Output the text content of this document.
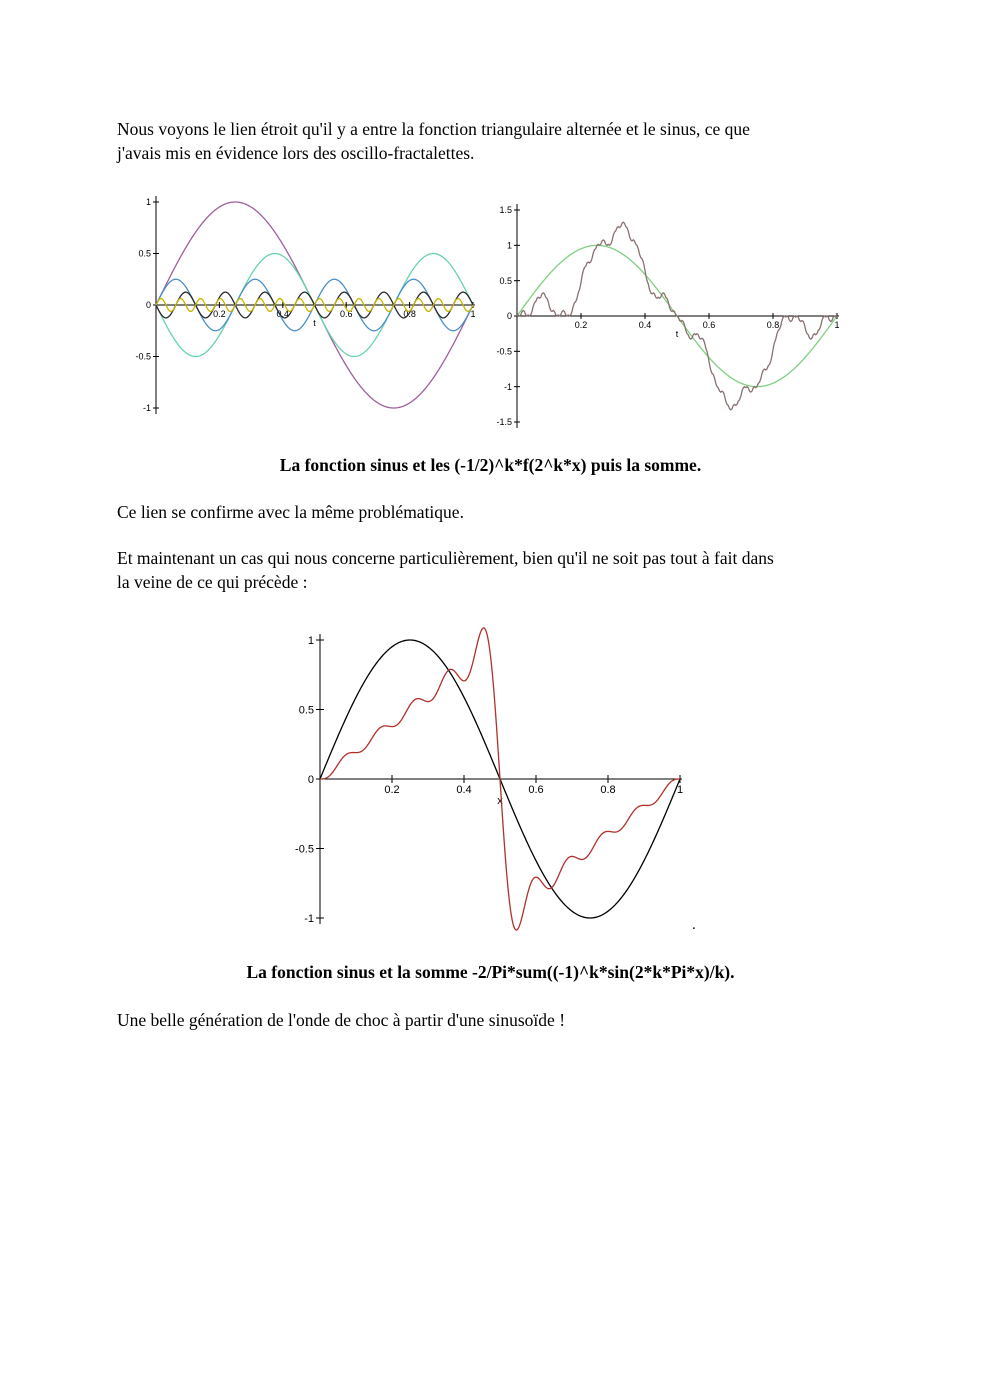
Nous voyons le lien étroit qu'il y a entre la fonction triangulaire alternée et le sinus, ce que
j'avais mis en évidence lors des oscillo-fractalettes.

1
0.5
0
-0.5
-1
0.2	0.4	0.6	0.8	1
t
1.5
1
0.5
0
-0.5
-1
-1.5
0.2	0.4	0.6	0.8	1
t

La fonction sinus et les (-1/2)^k*f(2^k*x) puis la somme.

Ce lien se confirme avec la même problématique.

Et maintenant un cas qui nous concerne particulièrement, bien qu'il ne soit pas tout à fait dans
la veine de ce qui précède :

1
0.5
0
-0.5
-1
0.2	0.4	0.6	0.8	1
x
.

La fonction sinus et la somme -2/Pi*sum((-1)^k*sin(2*k*Pi*x)/k).

Une belle génération de l'onde de choc à partir d'une sinusoïde !
